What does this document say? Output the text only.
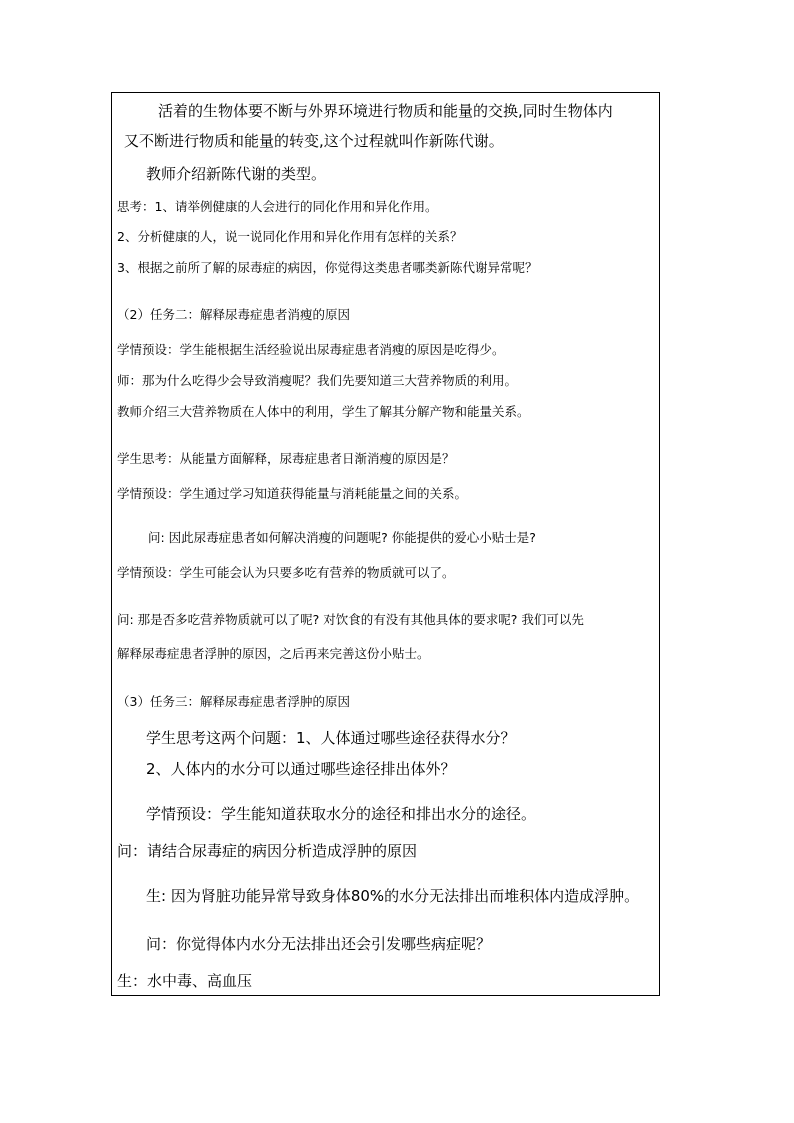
活着的生物体要不断与外界环境进行物质和能量的交换,同时生物体内
又不断进行物质和能量的转变,这个过程就叫作新陈代谢。
教师介绍新陈代谢的类型。
思考：1、请举例健康的人会进行的同化作用和异化作用。
2、分析健康的人，说一说同化作用和异化作用有怎样的关系？
3、根据之前所了解的尿毒症的病因，你觉得这类患者哪类新陈代谢异常呢？
（2）任务二：解释尿毒症患者消瘦的原因
学情预设：学生能根据生活经验说出尿毒症患者消瘦的原因是吃得少。
师：那为什么吃得少会导致消瘦呢？我们先要知道三大营养物质的利用。
教师介绍三大营养物质在人体中的利用，学生了解其分解产物和能量关系。
学生思考：从能量方面解释，尿毒症患者日渐消瘦的原因是？
学情预设：学生通过学习知道获得能量与消耗能量之间的关系。
问: 因此尿毒症患者如何解决消瘦的问题呢? 你能提供的爱心小贴士是?
学情预设：学生可能会认为只要多吃有营养的物质就可以了。
问: 那是否多吃营养物质就可以了呢? 对饮食的有没有其他具体的要求呢? 我们可以先
解释尿毒症患者浮肿的原因，之后再来完善这份小贴士。
（3）任务三：解释尿毒症患者浮肿的原因
学生思考这两个问题：1、人体通过哪些途径获得水分？
2、人体内的水分可以通过哪些途径排出体外？
学情预设：学生能知道获取水分的途径和排出水分的途径。
问：请结合尿毒症的病因分析造成浮肿的原因
生: 因为肾脏功能异常导致身体80%的水分无法排出而堆积体内造成浮肿。
问：你觉得体内水分无法排出还会引发哪些病症呢？
生：水中毒、高血压
